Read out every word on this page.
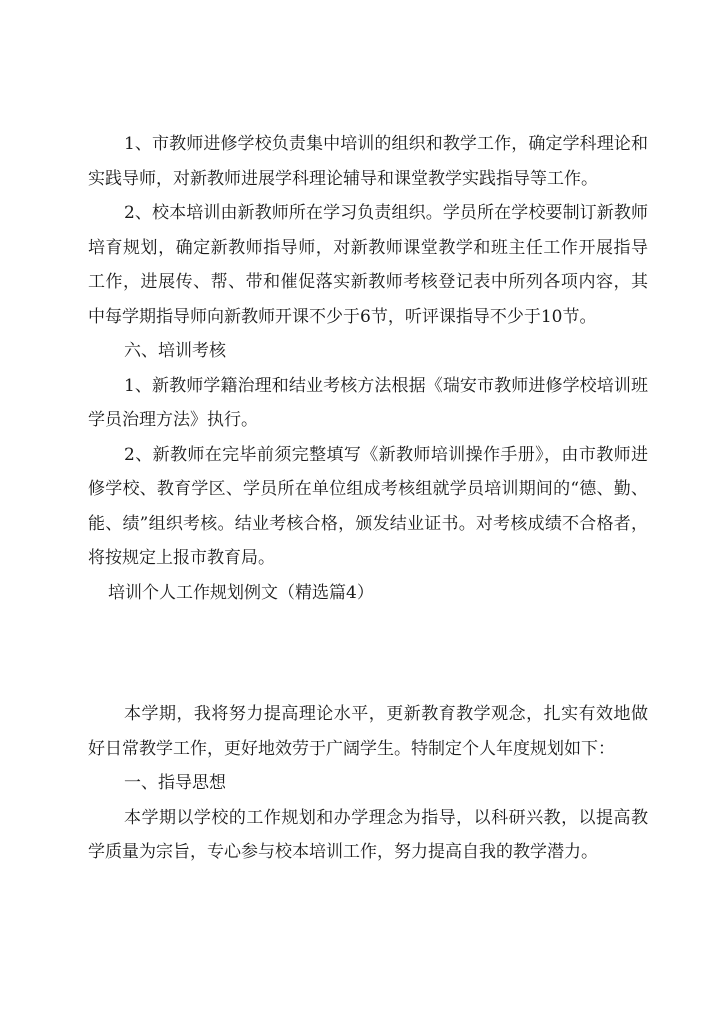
1、市教师进修学校负责集中培训的组织和教学工作，确定学科理论和实践导师，对新教师进展学科理论辅导和课堂教学实践指导等工作。

2、校本培训由新教师所在学习负责组织。学员所在学校要制订新教师培育规划，确定新教师指导师，对新教师课堂教学和班主任工作开展指导工作，进展传、帮、带和催促落实新教师考核登记表中所列各项内容，其中每学期指导师向新教师开课不少于6节，听评课指导不少于10节。

六、培训考核

1、新教师学籍治理和结业考核方法根据《瑞安市教师进修学校培训班学员治理方法》执行。

2、新教师在完毕前须完整填写《新教师培训操作手册》，由市教师进修学校、教育学区、学员所在单位组成考核组就学员培训期间的“德、勤、能、绩”组织考核。结业考核合格，颁发结业证书。对考核成绩不合格者，将按规定上报市教育局。

培训个人工作规划例文（精选篇4）

本学期，我将努力提高理论水平，更新教育教学观念，扎实有效地做好日常教学工作，更好地效劳于广阔学生。特制定个人年度规划如下：

一、指导思想

本学期以学校的工作规划和办学理念为指导，以科研兴教，以提高教学质量为宗旨，专心参与校本培训工作，努力提高自我的教学潜力。
